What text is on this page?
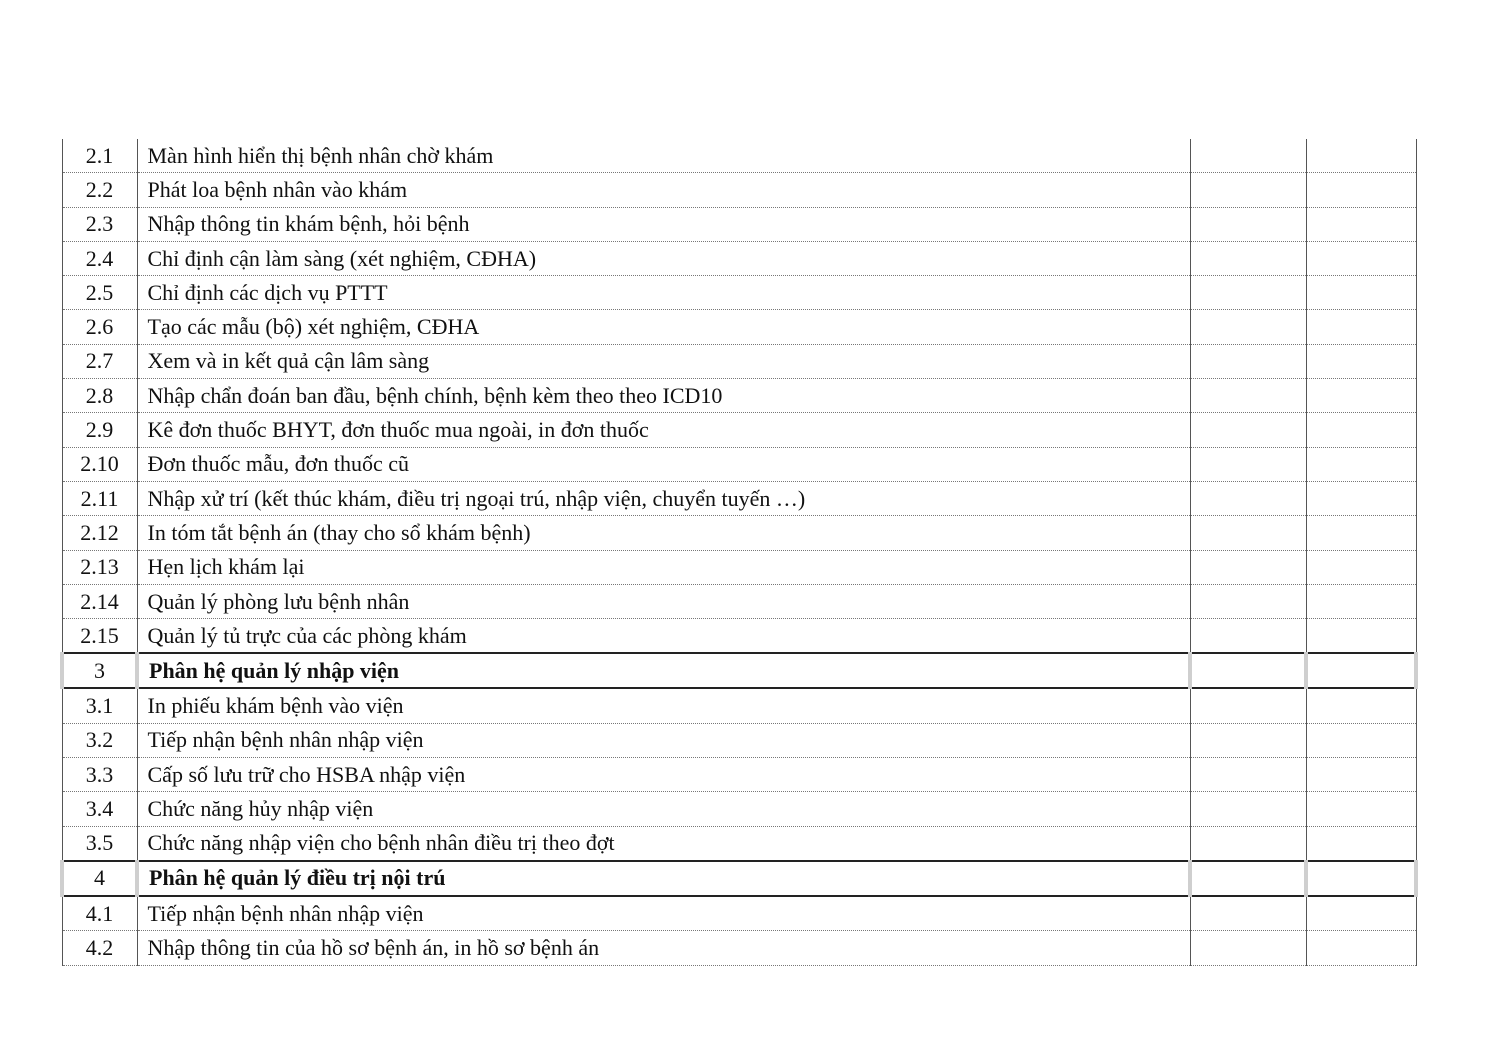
2.1	Màn hình hiển thị bệnh nhân chờ khám		
2.2	Phát loa bệnh nhân vào khám		
2.3	Nhập thông tin khám bệnh, hỏi bệnh		
2.4	Chỉ định cận làm sàng (xét nghiệm, CĐHA)		
2.5	Chỉ định các dịch vụ PTTT		
2.6	Tạo các mẫu (bộ) xét nghiệm, CĐHA		
2.7	Xem và in kết quả cận lâm sàng		
2.8	Nhập chẩn đoán ban đầu, bệnh chính, bệnh kèm theo theo ICD10		
2.9	Kê đơn thuốc BHYT, đơn thuốc mua ngoài, in đơn thuốc		
2.10	Đơn thuốc mẫu, đơn thuốc cũ		
2.11	Nhập xử trí (kết thúc khám, điều trị ngoại trú, nhập viện, chuyển tuyến …)		
2.12	In tóm tắt bệnh án (thay cho sổ khám bệnh)		
2.13	Hẹn lịch khám lại		
2.14	Quản lý phòng lưu bệnh nhân		
2.15	Quản lý tủ trực của các phòng khám		
3	Phân hệ quản lý nhập viện		
3.1	In phiếu khám bệnh vào viện		
3.2	Tiếp nhận bệnh nhân nhập viện		
3.3	Cấp số lưu trữ cho HSBA nhập viện		
3.4	Chức năng hủy nhập viện		
3.5	Chức năng nhập viện cho bệnh nhân điều trị theo đợt		
4	Phân hệ quản lý điều trị nội trú		
4.1	Tiếp nhận bệnh nhân nhập viện		
4.2	Nhập thông tin của hồ sơ bệnh án, in hồ sơ bệnh án		
